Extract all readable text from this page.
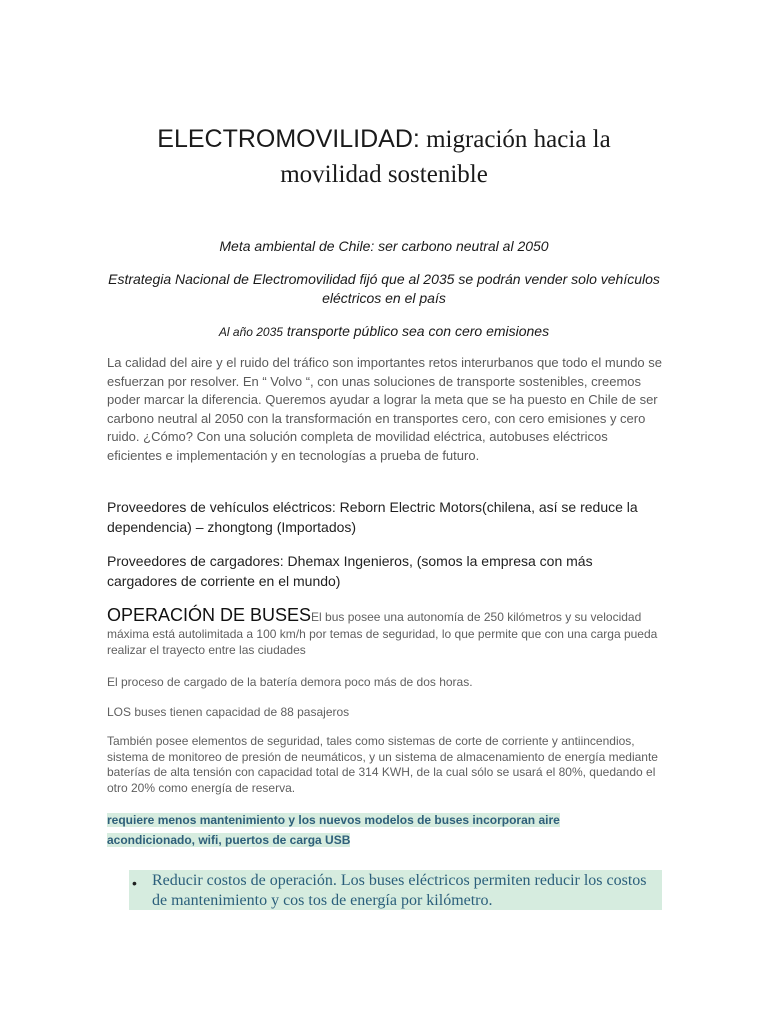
ELECTROMOVILIDAD: migración hacia la
movilidad sostenible
Meta ambiental de Chile: ser carbono neutral al 2050
Estrategia Nacional de Electromovilidad fijó que al 2035 se podrán vender solo vehículos eléctricos en el país
Al año 2035 transporte público sea con cero emisiones
La calidad del aire y el ruido del tráfico son importantes retos interurbanos que todo el mundo se esfuerzan por resolver. En “ Volvo “, con unas soluciones de transporte sostenibles, creemos poder marcar la diferencia. Queremos ayudar a lograr la meta que se ha puesto en Chile de ser carbono neutral al 2050 con la transformación en transportes cero, con cero emisiones y cero ruido. ¿Cómo? Con una solución completa de movilidad eléctrica, autobuses eléctricos eficientes e implementación y en tecnologías a prueba de futuro.
Proveedores de vehículos eléctricos: Reborn Electric Motors(chilena, así se reduce la dependencia) – zhongtong (Importados)
Proveedores de cargadores: Dhemax Ingenieros, (somos la empresa con más cargadores de corriente en el mundo)
OPERACIÓN DE BUSESEl bus posee una autonomía de 250 kilómetros y su velocidad máxima está autolimitada a 100 km/h por temas de seguridad, lo que permite que con una carga pueda realizar el trayecto entre las ciudades
El proceso de cargado de la batería demora poco más de dos horas.
LOS buses tienen capacidad de 88 pasajeros
También posee elementos de seguridad, tales como sistemas de corte de corriente y antiincendios, sistema de monitoreo de presión de neumáticos, y un sistema de almacenamiento de energía mediante baterías de alta tensión con capacidad total de 314 KWH, de la cual sólo se usará el 80%, quedando el otro 20% como energía de reserva.
requiere menos mantenimiento y los nuevos modelos de buses incorporan aire acondicionado, wifi, puertos de carga USB
• Reducir costos de operación. Los buses eléctricos permiten reducir los costos de mantenimiento y cos tos de energía por kilómetro.
